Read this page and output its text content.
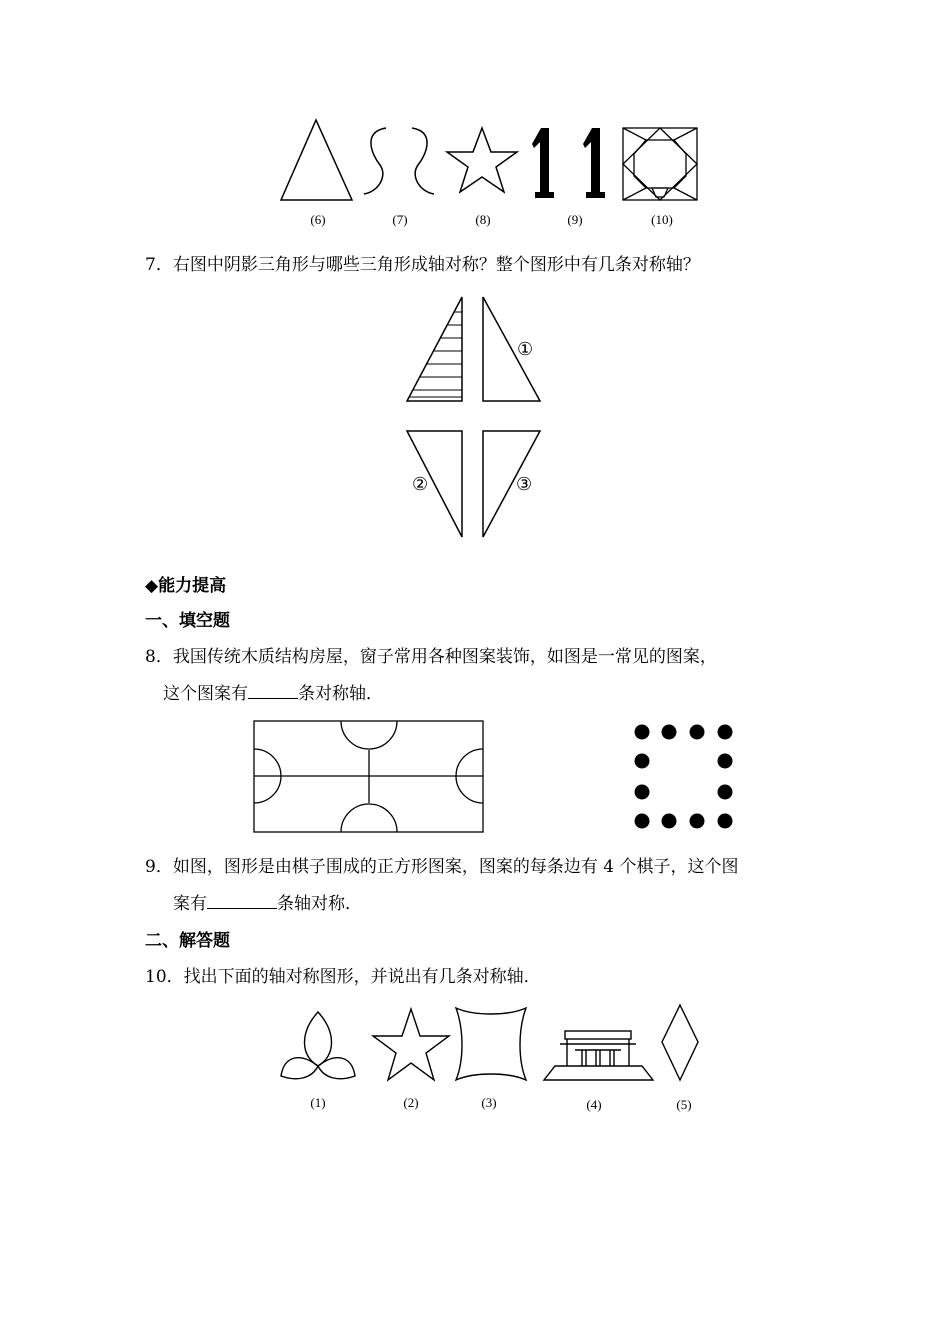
(6)	(7)	(8)	(9)	(10)
7．右图中阴影三角形与哪些三角形成轴对称？整个图形中有几条对称轴？
①
②	③
◆能力提高
一、填空题
8．我国传统木质结构房屋，窗子常用各种图案装饰，如图是一常见的图案，
这个图案有	条对称轴．
9．如图，图形是由棋子围成的正方形图案，图案的每条边有 4 个棋子，这个图
案有	条轴对称．
二、解答题
10．找出下面的轴对称图形，并说出有几条对称轴．
(1)	(2)	(3)	(4)	(5)
